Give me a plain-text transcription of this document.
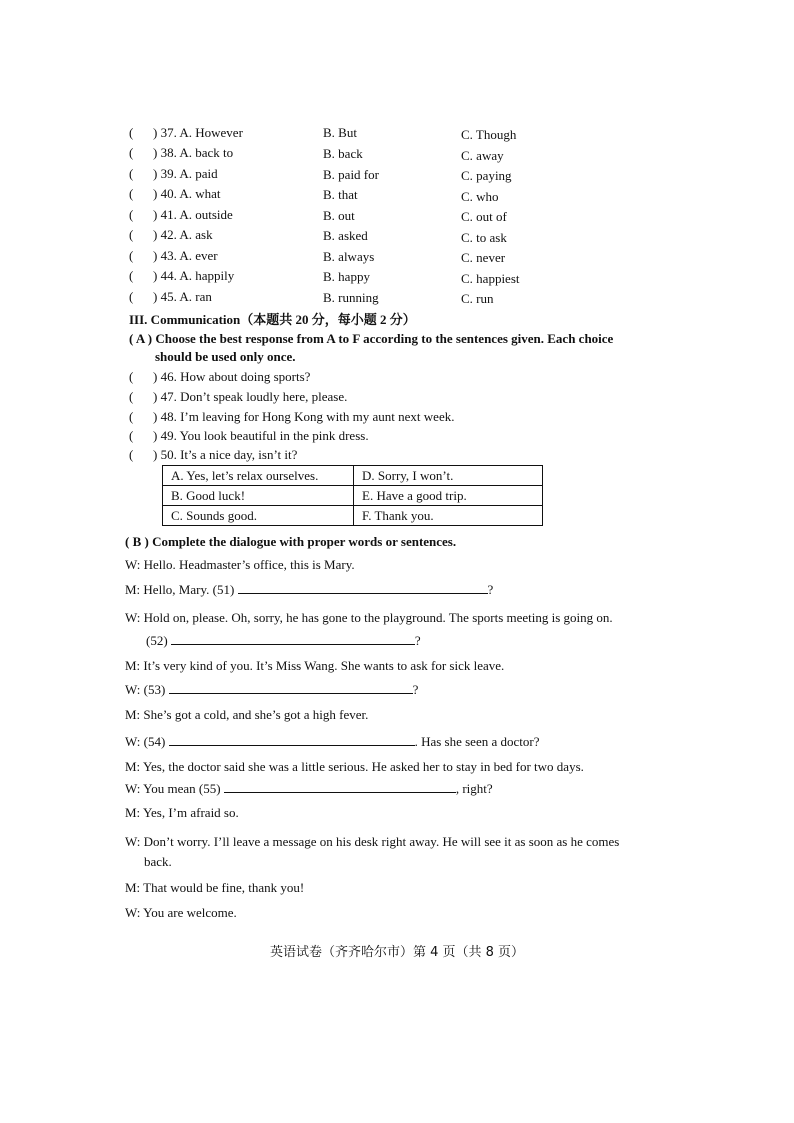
( ) 37. A. However	B. But	C. Though
( ) 38. A. back to	B. back	C. away
( ) 39. A. paid	B. paid for	C. paying
( ) 40. A. what	B. that	C. who
( ) 41. A. outside	B. out	C. out of
( ) 42. A. ask	B. asked	C. to ask
( ) 43. A. ever	B. always	C. never
( ) 44. A. happily	B. happy	C. happiest
( ) 45. A. ran	B. running	C. run
III. Communication（本题共 20 分，每小题 2 分）
( A ) Choose the best response from A to F according to the sentences given. Each choice
should be used only once.
( ) 46. How about doing sports?
( ) 47. Don’t speak loudly here, please.
( ) 48. I’m leaving for Hong Kong with my aunt next week.
( ) 49. You look beautiful in the pink dress.
( ) 50. It’s a nice day, isn’t it?
A. Yes, let’s relax ourselves.	D. Sorry, I won’t.
B. Good luck!	E. Have a good trip.
C. Sounds good.	F. Thank you.
( B ) Complete the dialogue with proper words or sentences.
W: Hello. Headmaster’s office, this is Mary.
M: Hello, Mary. (51)	?
W: Hold on, please. Oh, sorry, he has gone to the playground. The sports meeting is going on.
(52)	?
M: It’s very kind of you. It’s Miss Wang. She wants to ask for sick leave.
W: (53)	?
M: She’s got a cold, and she’s got a high fever.
W: (54)	. Has she seen a doctor?
M: Yes, the doctor said she was a little serious. He asked her to stay in bed for two days.
W: You mean (55)	, right?
M: Yes, I’m afraid so.
W: Don’t worry. I’ll leave a message on his desk right away. He will see it as soon as he comes
back.
M: That would be fine, thank you!
W: You are welcome.
英语试卷（齐齐哈尔市）第 4 页（共 8 页）
